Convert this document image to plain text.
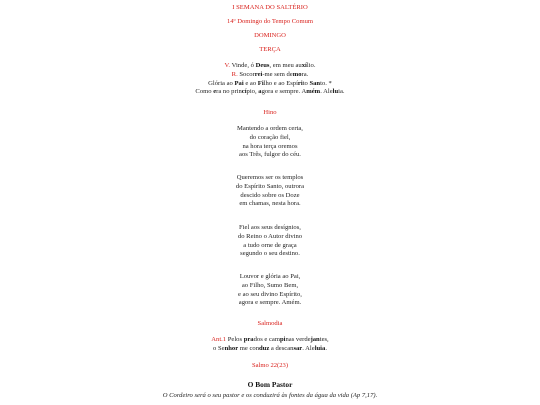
I SEMANA DO SALTÉRIO
14º Domingo do Tempo Comum
DOMINGO
TERÇA
V. Vinde, ó Deus, em meu auxílio.
R. Socorrei-me sem demora.
Glória ao Pai e ao Filho e ao Espírito Santo. *
Como era no princípio, agora e sempre. Amém. Aleluia.
Hino
Mantendo a ordem certa,
do coração fiel,
na hora terça oremos
aos Três, fulgor do céu.
Queremos ser os templos
do Espírito Santo, outrora
descido sobre os Doze
em chamas, nesta hora.
Fiel aos seus desígnios,
do Reino o Autor divino
a tudo orne de graça
segundo o seu destino.
Louvor e glória ao Pai,
ao Filho, Sumo Bem,
e ao seu divino Espírito,
agora e sempre. Amém.
Salmodia
Ant.1 Pelos prados e campinas verdejantes,
o Senhor me conduz a descansar. Aleluia.
Salmo 22(23)
O Bom Pastor
O Cordeiro será o seu pastor e os conduzirá às fontes da água da vida (Ap 7,17).
